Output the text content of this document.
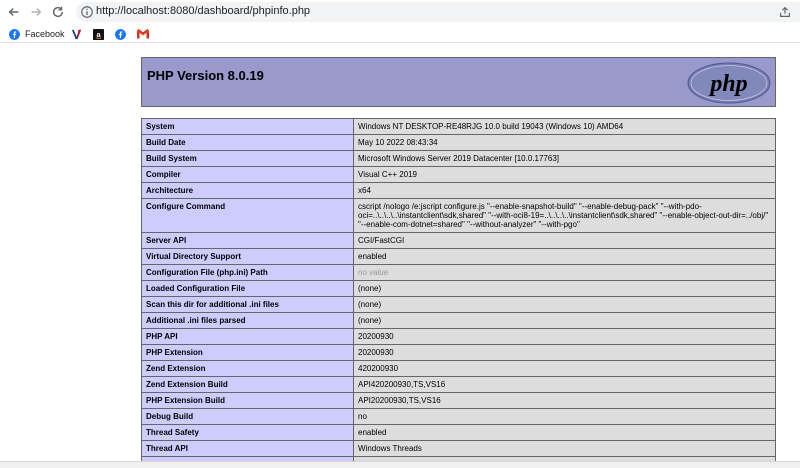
http://localhost:8080/dashboard/phpinfo.php
Facebook	a
PHP Version 8.0.19	php
System	Windows NT DESKTOP-RE48RJG 10.0 build 19043 (Windows 10) AMD64
Build Date	May 10 2022 08:43:34
Build System	Microsoft Windows Server 2019 Datacenter [10.0.17763]
Compiler	Visual C++ 2019
Architecture	x64
Configure Command	cscript /nologo /e:jscript configure.js "--enable-snapshot-build" "--enable-debug-pack" "--with-pdo-oci=..\..\..\..\instantclient\sdk,shared" "--with-oci8-19=..\..\..\..\instantclient\sdk,shared" "--enable-object-out-dir=../obj/" "--enable-com-dotnet=shared" "--without-analyzer" "--with-pgo"
Server API	CGI/FastCGI
Virtual Directory Support	enabled
Configuration File (php.ini) Path	no value
Loaded Configuration File	(none)
Scan this dir for additional .ini files	(none)
Additional .ini files parsed	(none)
PHP API	20200930
PHP Extension	20200930
Zend Extension	420200930
Zend Extension Build	API420200930,TS,VS16
PHP Extension Build	API20200930,TS,VS16
Debug Build	no
Thread Safety	enabled
Thread API	Windows Threads
